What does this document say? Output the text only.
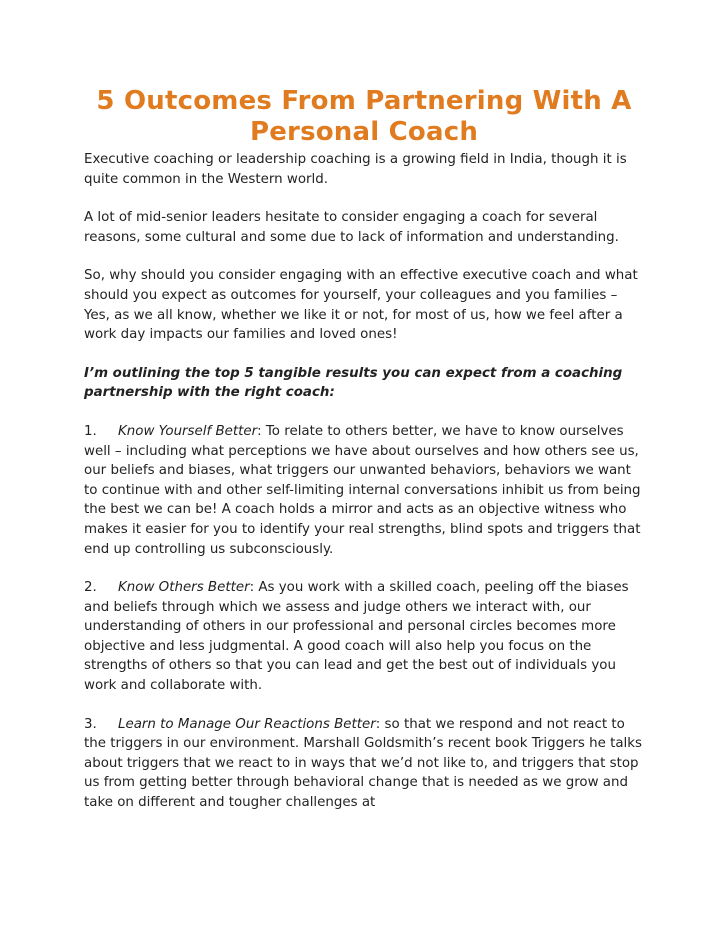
5 Outcomes From Partnering With A
Personal Coach

Executive coaching or leadership coaching is a growing field in India, though it is quite common in the Western world.

A lot of mid-senior leaders hesitate to consider engaging a coach for several reasons, some cultural and some due to lack of information and understanding.

So, why should you consider engaging with an effective executive coach and what should you expect as outcomes for yourself, your colleagues and you families – Yes, as we all know, whether we like it or not, for most of us, how we feel after a work day impacts our families and loved ones!

I’m outlining the top 5 tangible results you can expect from a coaching partnership with the right coach:

1. Know Yourself Better: To relate to others better, we have to know ourselves well – including what perceptions we have about ourselves and how others see us, our beliefs and biases, what triggers our unwanted behaviors, behaviors we want to continue with and other self-limiting internal conversations inhibit us from being the best we can be! A coach holds a mirror and acts as an objective witness who makes it easier for you to identify your real strengths, blind spots and triggers that end up controlling us subconsciously.

2. Know Others Better: As you work with a skilled coach, peeling off the biases and beliefs through which we assess and judge others we interact with, our understanding of others in our professional and personal circles becomes more objective and less judgmental. A good coach will also help you focus on the strengths of others so that you can lead and get the best out of individuals you work and collaborate with.

3. Learn to Manage Our Reactions Better: so that we respond and not react to the triggers in our environment. Marshall Goldsmith’s recent book Triggers he talks about triggers that we react to in ways that we’d not like to, and triggers that stop us from getting better through behavioral change that is needed as we grow and take on different and tougher challenges at
